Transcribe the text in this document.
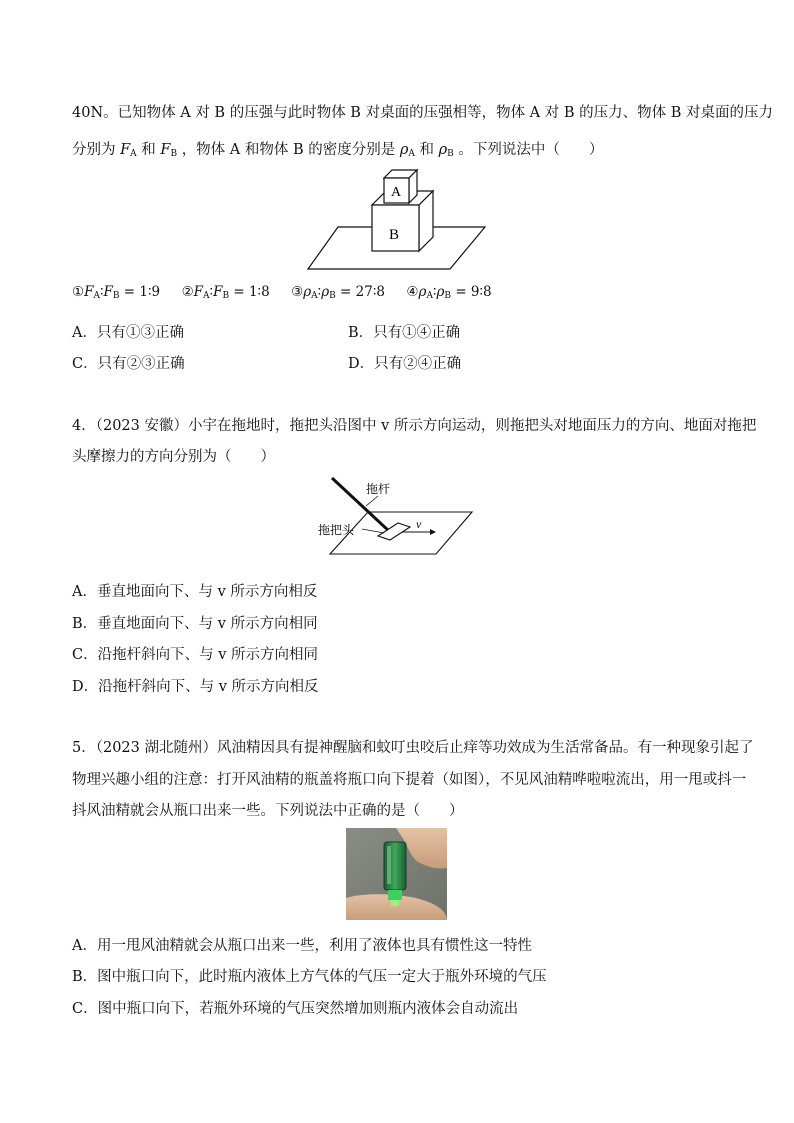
40N。已知物体 A 对 B 的压强与此时物体 B 对桌面的压强相等，物体 A 对 B 的压力、物体 B 对桌面的压力
分别为 $F_A$ 和 $F_B$ ，物体 A 和物体 B 的密度分别是 $\rho_A$ 和 $\rho_B$ 。下列说法中（　　）
B
A
$①F_A∶F_B$ = 1∶9 $②F_A∶F_B$ = 1∶8 $③\rho_A∶\rho_B$ = 27∶8 $④\rho_A∶\rho_B$ = 9∶8
A．只有①③正确	B．只有①④正确
C．只有②③正确	D．只有②④正确
4．（2023 安徽）小宇在拖地时，拖把头沿图中 v 所示方向运动，则拖把头对地面压力的方向、地面对拖把
头摩擦力的方向分别为（　　）
v
拖杆
拖把头
A．垂直地面向下、与 v 所示方向相反
B．垂直地面向下、与 v 所示方向相同
C．沿拖杆斜向下、与 v 所示方向相同
D．沿拖杆斜向下、与 v 所示方向相反
5．（2023 湖北随州）风油精因具有提神醒脑和蚊叮虫咬后止痒等功效成为生活常备品。有一种现象引起了
物理兴趣小组的注意：打开风油精的瓶盖将瓶口向下提着（如图），不见风油精哗啦啦流出，用一甩或抖一
抖风油精就会从瓶口出来一些。下列说法中正确的是（　　）
A．用一甩风油精就会从瓶口出来一些，利用了液体也具有惯性这一特性
B．图中瓶口向下，此时瓶内液体上方气体的气压一定大于瓶外环境的气压
C．图中瓶口向下，若瓶外环境的气压突然增加则瓶内液体会自动流出
